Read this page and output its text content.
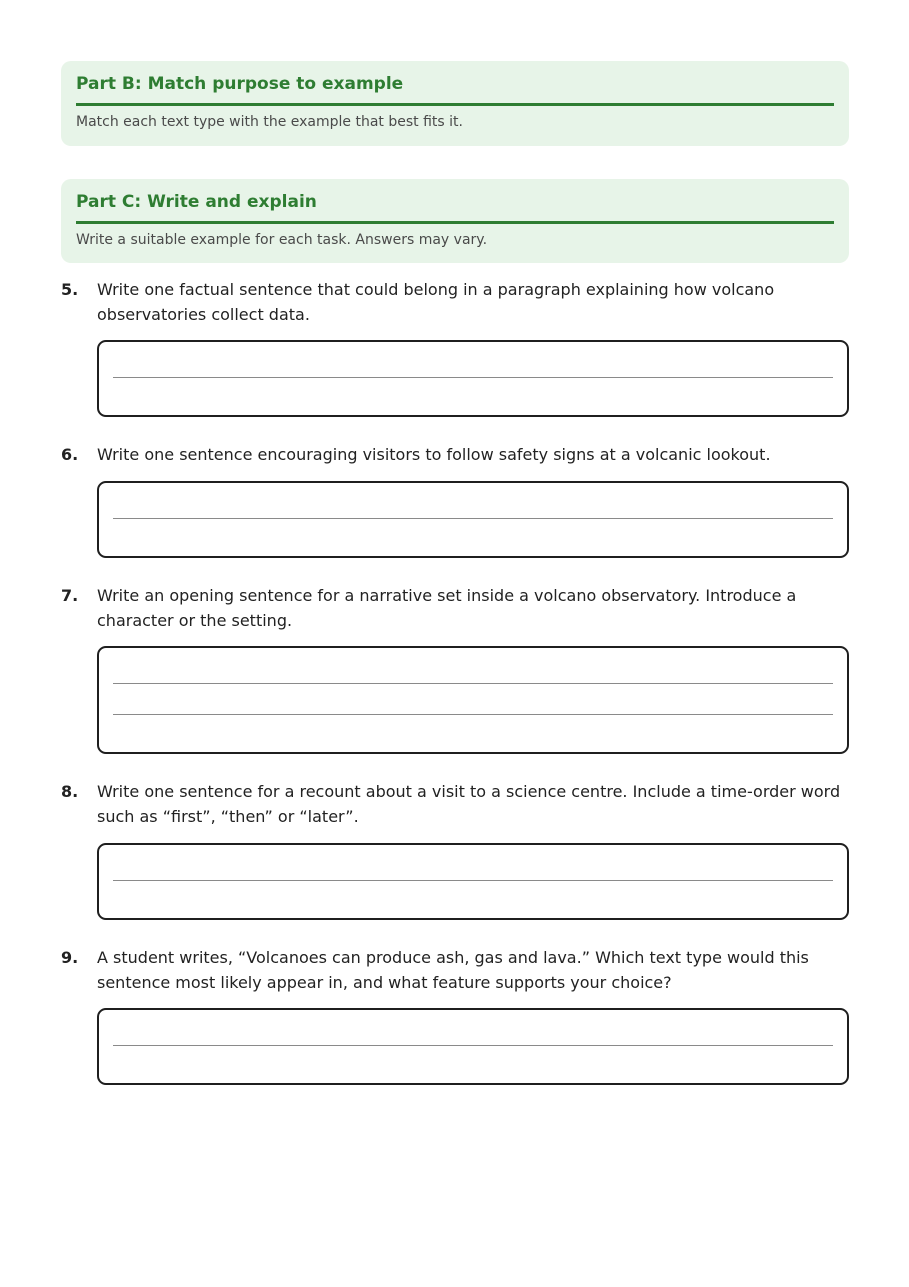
Part B: Match purpose to example
Match each text type with the example that best fits it.
Part C: Write and explain
Write a suitable example for each task. Answers may vary.
5. Write one factual sentence that could belong in a paragraph explaining how volcano observatories collect data.
6. Write one sentence encouraging visitors to follow safety signs at a volcanic lookout.
7. Write an opening sentence for a narrative set inside a volcano observatory. Introduce a character or the setting.
8. Write one sentence for a recount about a visit to a science centre. Include a time-order word such as “first”, “then” or “later”.
9. A student writes, “Volcanoes can produce ash, gas and lava.” Which text type would this sentence most likely appear in, and what feature supports your choice?
